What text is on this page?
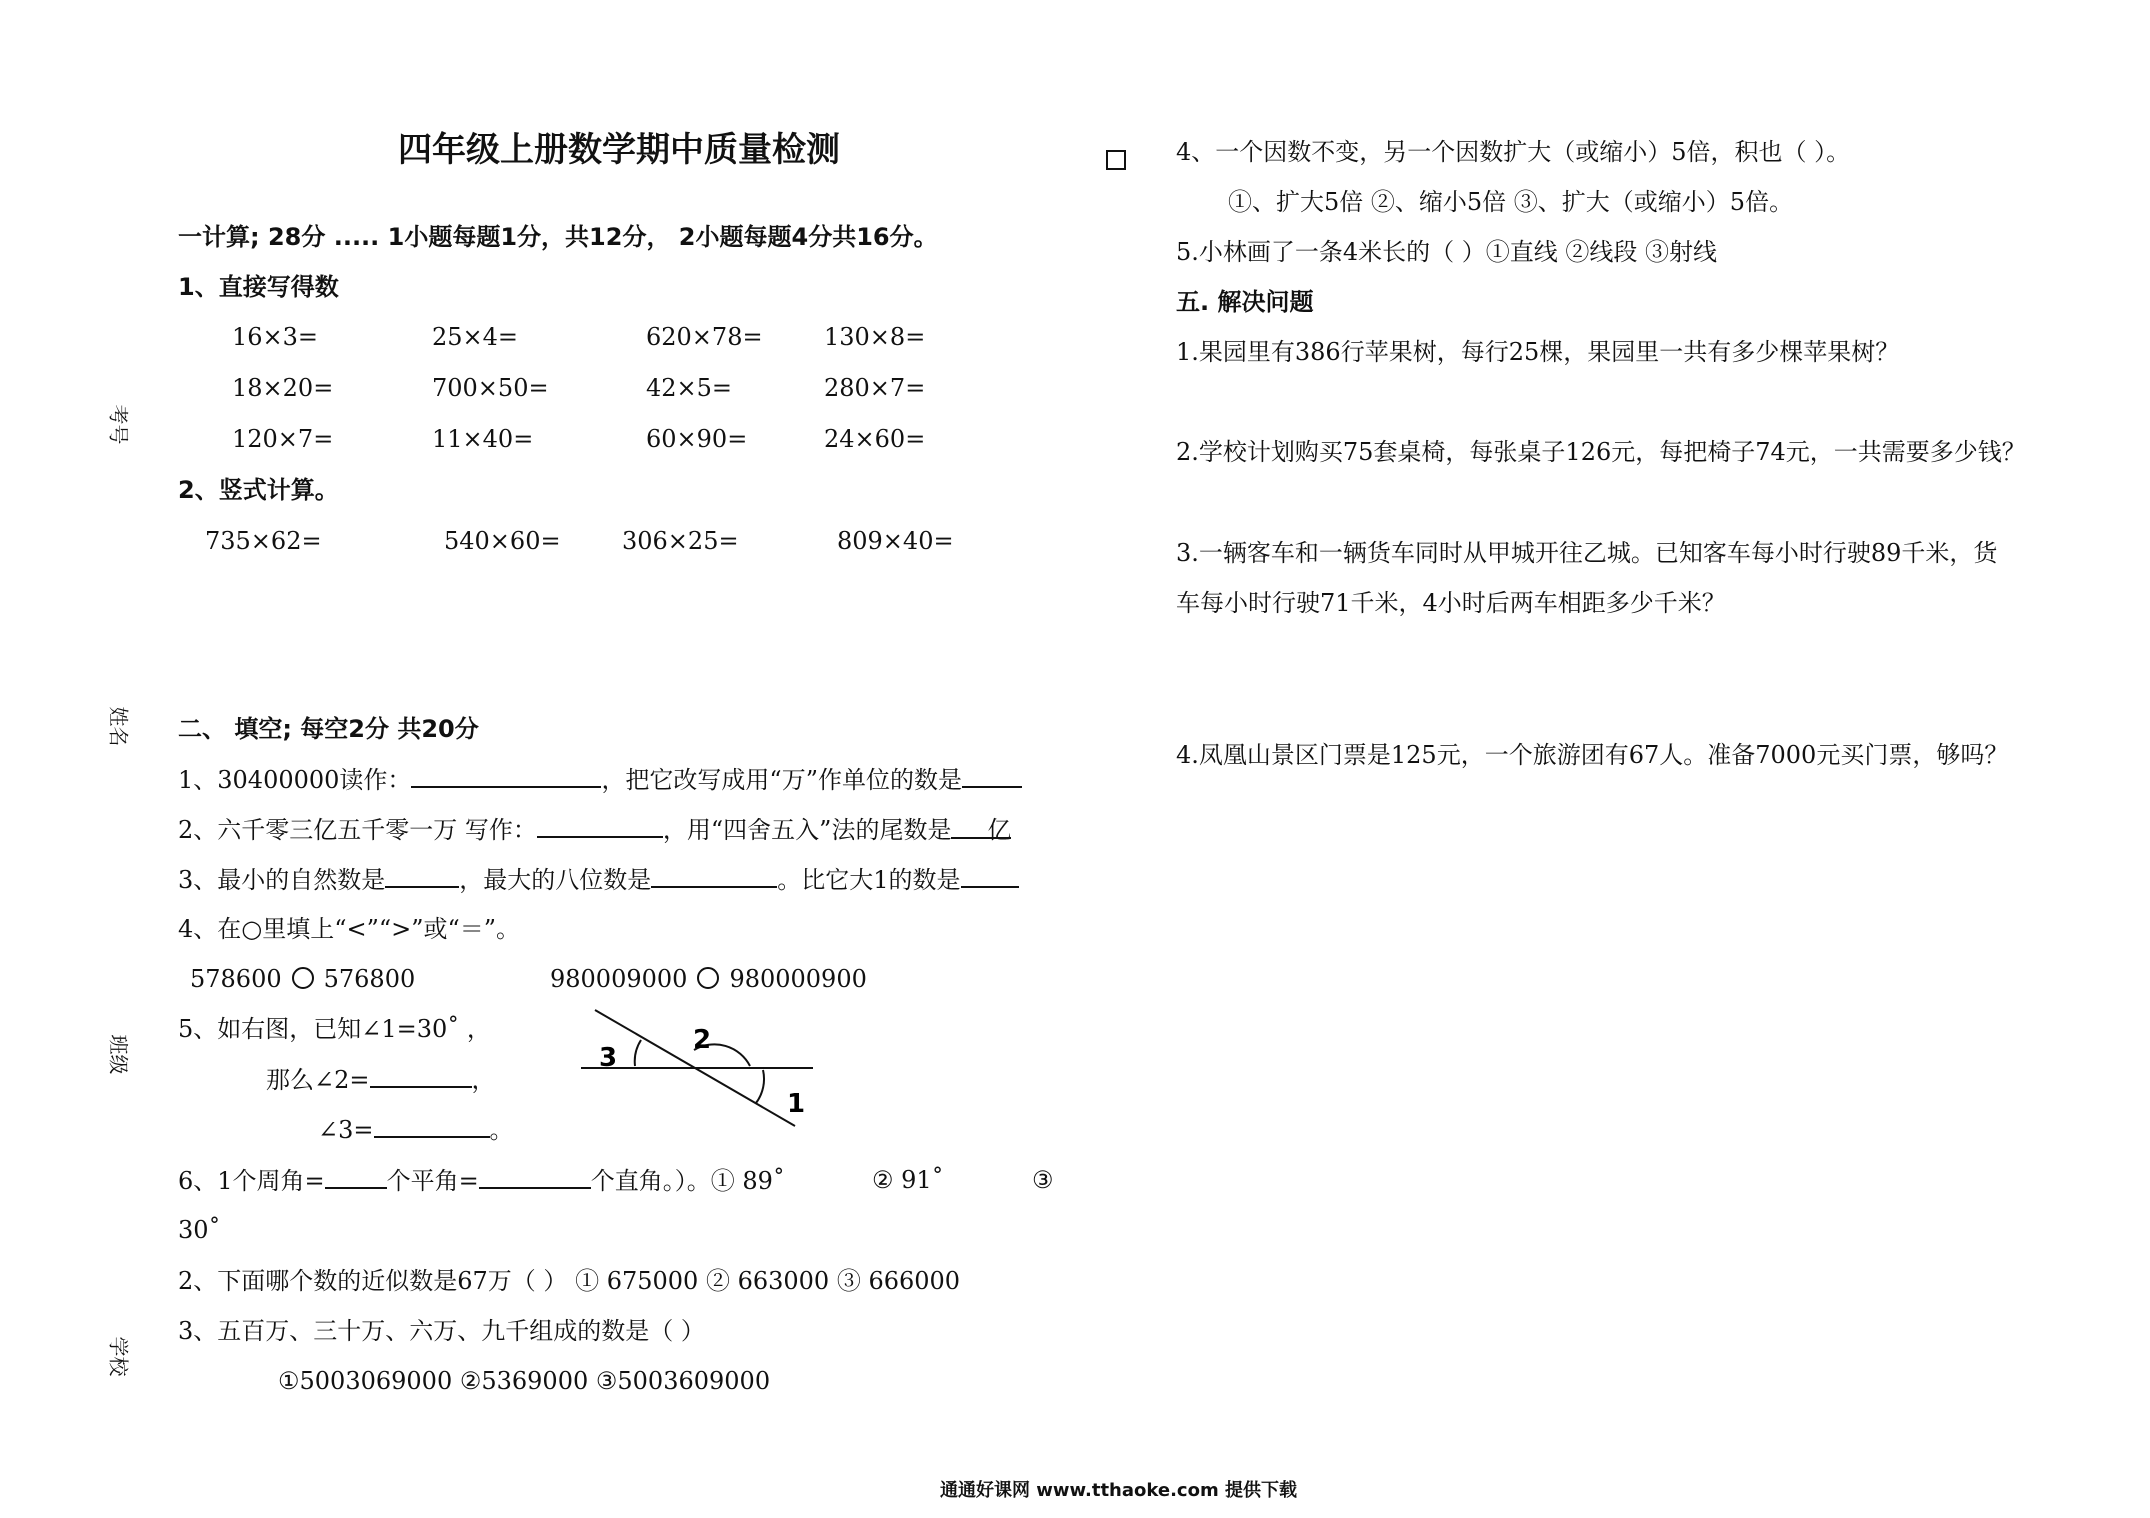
四年级上册数学期中质量检测
考号
姓名
班级
学校
一计算; 28分 ..... 1小题每题1分，共12分， 2小题每题4分共16分。
1、直接写得数
16×3=	25×4=	620×78=	130×8=
18×20=	700×50=	42×5=	280×7=
120×7=	11×40=	60×90=	24×60=
2、竖式计算。
735×62=	540×60=	306×25=	809×40=
二、 填空; 每空2分 共20分
1、30400000读作：	，把它改写成用“万”作单位的数是
2、六千零三亿五千零一万 写作：	，用“四舍五入”法的尾数是 亿
3、最小的自然数是	，最大的八位数是	。比它大1的数是
4、在○里填上“<”“>”或“＝”。
578600 576800	980009000 980000900
5、如右图，已知∠1=30˚ ，
那么∠2=	，
∠3=	。
1
2
3
6、1个周角=	个平角=	个直角。）。① 89˚	② 91˚	③
30˚
2、下面哪个数的近似数是67万（ ） ① 675000 ② 663000 ③ 666000
3、五百万、三十万、六万、九千组成的数是（ ）
①5003069000 ②5369000 ③5003609000
4、一个因数不变，另一个因数扩大（或缩小）5倍，积也（ ）。
①、扩大5倍 ②、缩小5倍 ③、扩大（或缩小）5倍。
5.小林画了一条4米长的（ ）①直线 ②线段 ③射线
五. 解决问题
1.果园里有386行苹果树，每行25棵，果园里一共有多少棵苹果树？
2.学校计划购买75套桌椅，每张桌子126元，每把椅子74元，一共需要多少钱？
3.一辆客车和一辆货车同时从甲城开往乙城。已知客车每小时行驶89千米，货
车每小时行驶71千米，4小时后两车相距多少千米？
4.凤凰山景区门票是125元，一个旅游团有67人。准备7000元买门票，够吗？
通通好课网 www.tthaoke.com 提供下载
